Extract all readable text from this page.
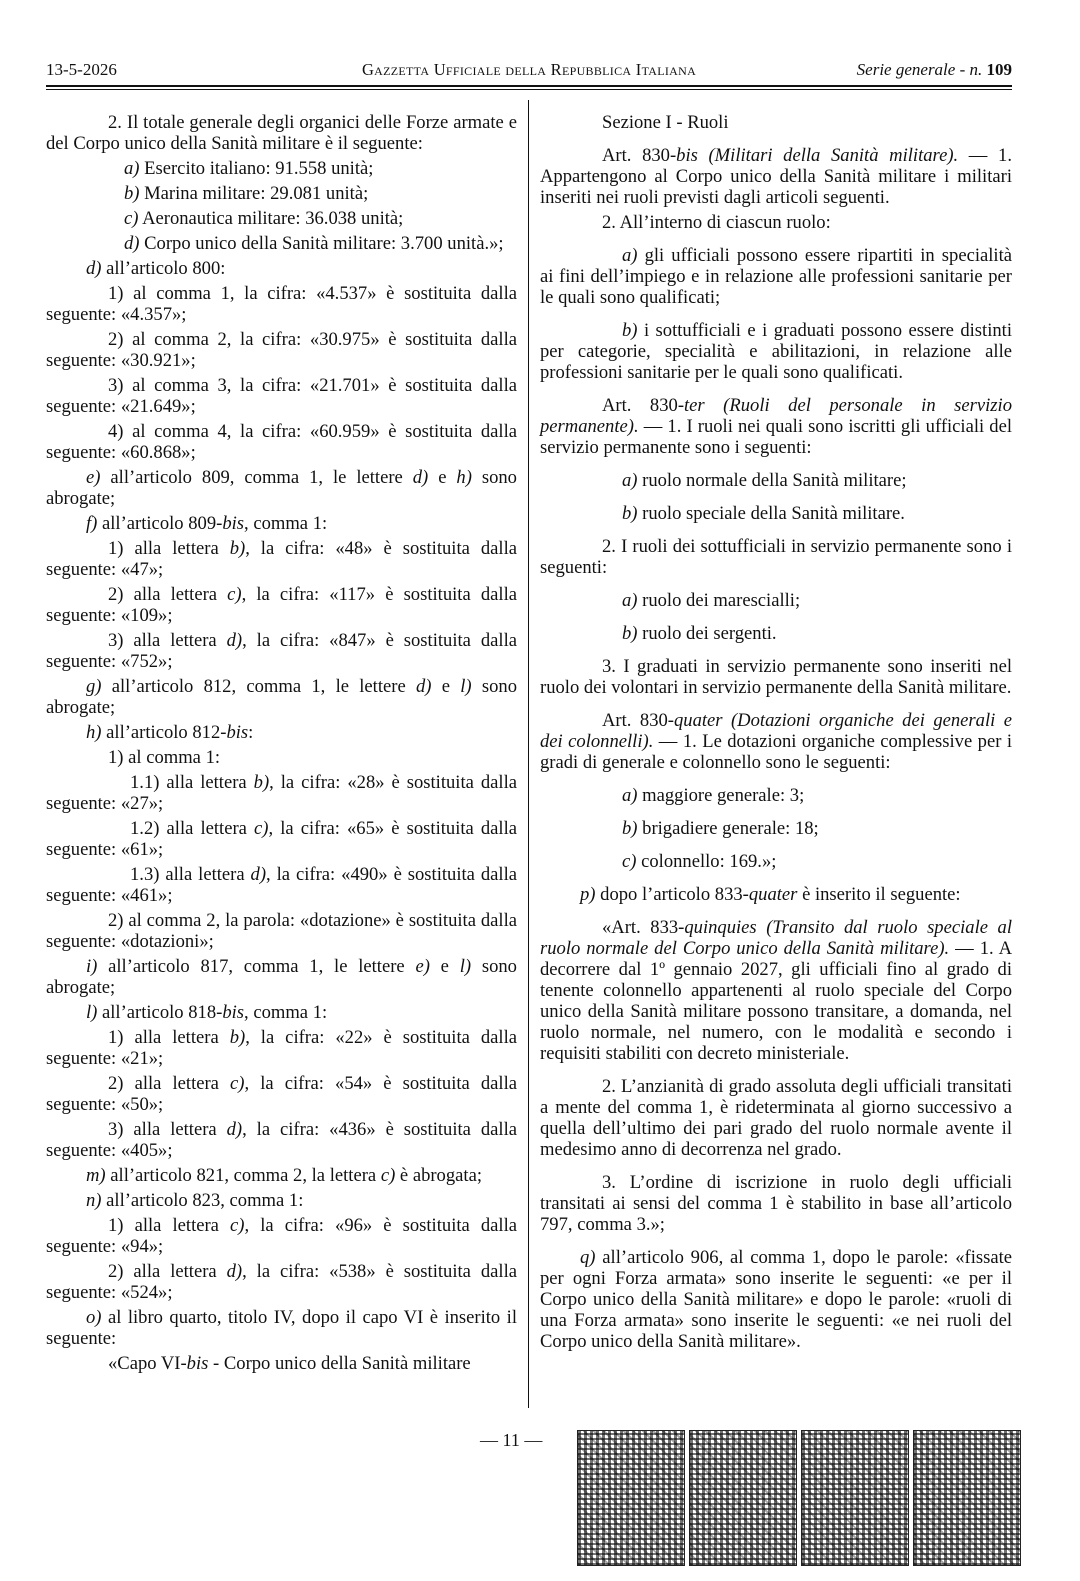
13-5-2026	Gazzetta Ufficiale della Repubblica Italiana	Serie generale - n. 109

2. Il totale generale degli organici delle Forze armate e del Corpo unico della Sanità militare è il seguente:

a) Esercito italiano: 91.558 unità;

b) Marina militare: 29.081 unità;

c) Aeronautica militare: 36.038 unità;

d) Corpo unico della Sanità militare: 3.700 unità.»;

d) all’articolo 800:

1) al comma 1, la cifra: «4.537» è sostituita dalla seguente: «4.357»;

2) al comma 2, la cifra: «30.975» è sostituita dalla seguente: «30.921»;

3) al comma 3, la cifra: «21.701» è sostituita dalla seguente: «21.649»;

4) al comma 4, la cifra: «60.959» è sostituita dalla seguente: «60.868»;

e) all’articolo 809, comma 1, le lettere d) e h) sono abrogate;

f) all’articolo 809-bis, comma 1:

1) alla lettera b), la cifra: «48» è sostituita dalla seguente: «47»;

2) alla lettera c), la cifra: «117» è sostituita dalla seguente: «109»;

3) alla lettera d), la cifra: «847» è sostituita dalla seguente: «752»;

g) all’articolo 812, comma 1, le lettere d) e l) sono abrogate;

h) all’articolo 812-bis:

1) al comma 1:

1.1) alla lettera b), la cifra: «28» è sostituita dalla seguente: «27»;

1.2) alla lettera c), la cifra: «65» è sostituita dalla seguente: «61»;

1.3) alla lettera d), la cifra: «490» è sostituita dalla seguente: «461»;

2) al comma 2, la parola: «dotazione» è sostituita dalla seguente: «dotazioni»;

i) all’articolo 817, comma 1, le lettere e) e l) sono abrogate;

l) all’articolo 818-bis, comma 1:

1) alla lettera b), la cifra: «22» è sostituita dalla seguente: «21»;

2) alla lettera c), la cifra: «54» è sostituita dalla seguente: «50»;

3) alla lettera d), la cifra: «436» è sostituita dalla seguente: «405»;

m) all’articolo 821, comma 2, la lettera c) è abrogata;

n) all’articolo 823, comma 1:

1) alla lettera c), la cifra: «96» è sostituita dalla seguente: «94»;

2) alla lettera d), la cifra: «538» è sostituita dalla seguente: «524»;

o) al libro quarto, titolo IV, dopo il capo VI è inserito il seguente:

«Capo VI-bis - Corpo unico della Sanità militare

Sezione I - Ruoli

Art. 830-bis (Militari della Sanità militare). — 1. Appartengono al Corpo unico della Sanità militare i militari inseriti nei ruoli previsti dagli articoli seguenti.

2. All’interno di ciascun ruolo:

a) gli ufficiali possono essere ripartiti in specialità ai fini dell’impiego e in relazione alle professioni sanitarie per le quali sono qualificati;

b) i sottufficiali e i graduati possono essere distinti per categorie, specialità e abilitazioni, in relazione alle professioni sanitarie per le quali sono qualificati.

Art. 830-ter (Ruoli del personale in servizio permanente). — 1. I ruoli nei quali sono iscritti gli ufficiali del servizio permanente sono i seguenti:

a) ruolo normale della Sanità militare;

b) ruolo speciale della Sanità militare.

2. I ruoli dei sottufficiali in servizio permanente sono i seguenti:

a) ruolo dei marescialli;

b) ruolo dei sergenti.

3. I graduati in servizio permanente sono inseriti nel ruolo dei volontari in servizio permanente della Sanità militare.

Art. 830-quater (Dotazioni organiche dei generali e dei colonnelli). — 1. Le dotazioni organiche complessive per i gradi di generale e colonnello sono le seguenti:

a) maggiore generale: 3;

b) brigadiere generale: 18;

c) colonnello: 169.»;

p) dopo l’articolo 833-quater è inserito il seguente:

«Art. 833-quinquies (Transito dal ruolo speciale al ruolo normale del Corpo unico della Sanità militare). — 1. A decorrere dal 1º gennaio 2027, gli ufficiali fino al grado di tenente colonnello appartenenti al ruolo speciale del Corpo unico della Sanità militare possono transitare, a domanda, nel ruolo normale, nel numero, con le modalità e secondo i requisiti stabiliti con decreto ministeriale.

2. L’anzianità di grado assoluta degli ufficiali transitati a mente del comma 1, è rideterminata al giorno successivo a quella dell’ultimo dei pari grado del ruolo normale avente il medesimo anno di decorrenza nel grado.

3. L’ordine di iscrizione in ruolo degli ufficiali transitati ai sensi del comma 1 è stabilito in base all’articolo 797, comma 3.»;

q) all’articolo 906, al comma 1, dopo le parole: «fissate per ogni Forza armata» sono inserite le seguenti: «e per il Corpo unico della Sanità militare» e dopo le parole: «ruoli di una Forza armata» sono inserite le seguenti: «e nei ruoli del Corpo unico della Sanità militare».

— 11 —
